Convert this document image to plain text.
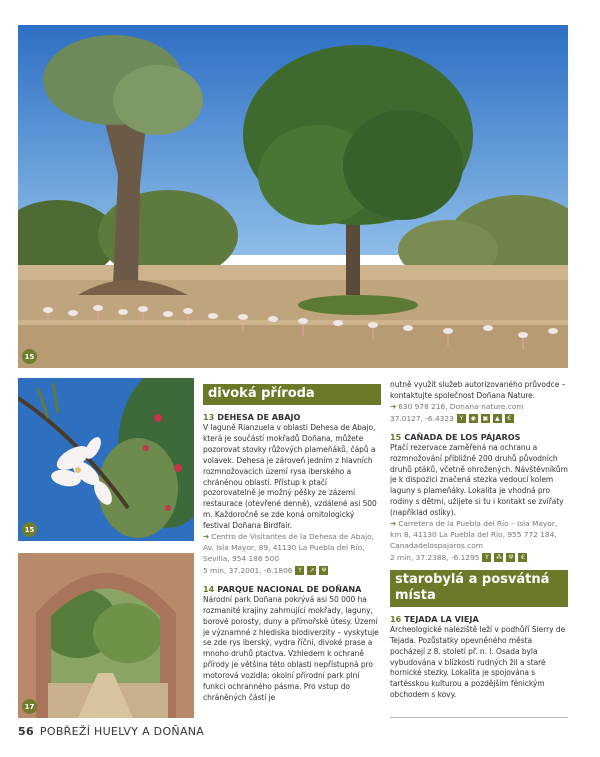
15
15
17
divoká příroda

13 DEHESA DE ABAJO

V laguně Rianzuela v oblasti Dehesa de Abajo, která je součástí mokřadů Doñana, můžete pozorovat stovky růžových plameňáků, čápů a volavek. Dehesa je zároveň jedním z hlavních rozmnožovacích území rysa iberského a chráněnou oblastí. Přístup k ptačí pozorovatelně je možný pěšky ze zázemí restaurace (otevřené denně), vzdálené asi 500 m. Každoročně se zde koná ornitologický festival Doñana Birdfair.

➔ Centro de Visitantes de la Dehesa de Abajo, Av. Isla Mayor, 89, 41130 La Puebla del Río, Sevilla, 954 186 500

5 min, 37.2001, -6.1806 Y	↗	Ψ

14 PARQUE NACIONAL DE DOÑANA

Národní park Doñana pokrývá asi 50 000 ha rozmanité krajiny zahrnující mokřady, laguny, borové porosty, duny a přímořské útesy. Území je významné z hlediska biodiverzity – vyskytuje se zde rys iberský, vydra říční, divoké prase a mnoho druhů ptactva. Vzhledem k ochraně přírody je většina této oblasti nepřístupná pro motorová vozidla; okolní přírodní park plní funkci ochranného pásma. Pro vstup do chráněných částí je

nutně využít služeb autorizovaného průvodce – kontaktujte společnost Doñana Nature.

➔ 630 978 216, Donana-nature.com

37.0127, -6.4323 Y	◉	▣	▲	€

15 CAÑADA DE LOS PÁJAROS

Ptačí rezervace zaměřená na ochranu a rozmnožování přibližně 200 druhů původních druhů ptáků, včetně ohrožených. Návštěvníkům je k dispozici značená stezka vedoucí kolem laguny s plameňáky. Lokalita je vhodná pro rodiny s dětmi, užijete si tu i kontakt se zvířaty (například oslíky).

➔ Carretera de la Puebla del Río – Isla Mayor, km 8, 41130 La Puebla del Río, 955 772 184, Canadadelospajaros.com

2 min, 37.2388, -6.1295 Y	⁂	Ψ	€
starobylá a posvátná místa

16 TEJADA LA VIEJA

Archeologické naleziště leží v podhůří Sierry de Tejada. Pozůstatky opevněného města pocházejí z 8. století př. n. l. Osada byla vybudována v blízkosti rudných žil a staré hornické stezky. Lokalita je spojována s tartésskou kulturou a pozdějším fénickým obchodem s kovy.

56 POBŘEŽÍ HUELVY A DOÑANA
